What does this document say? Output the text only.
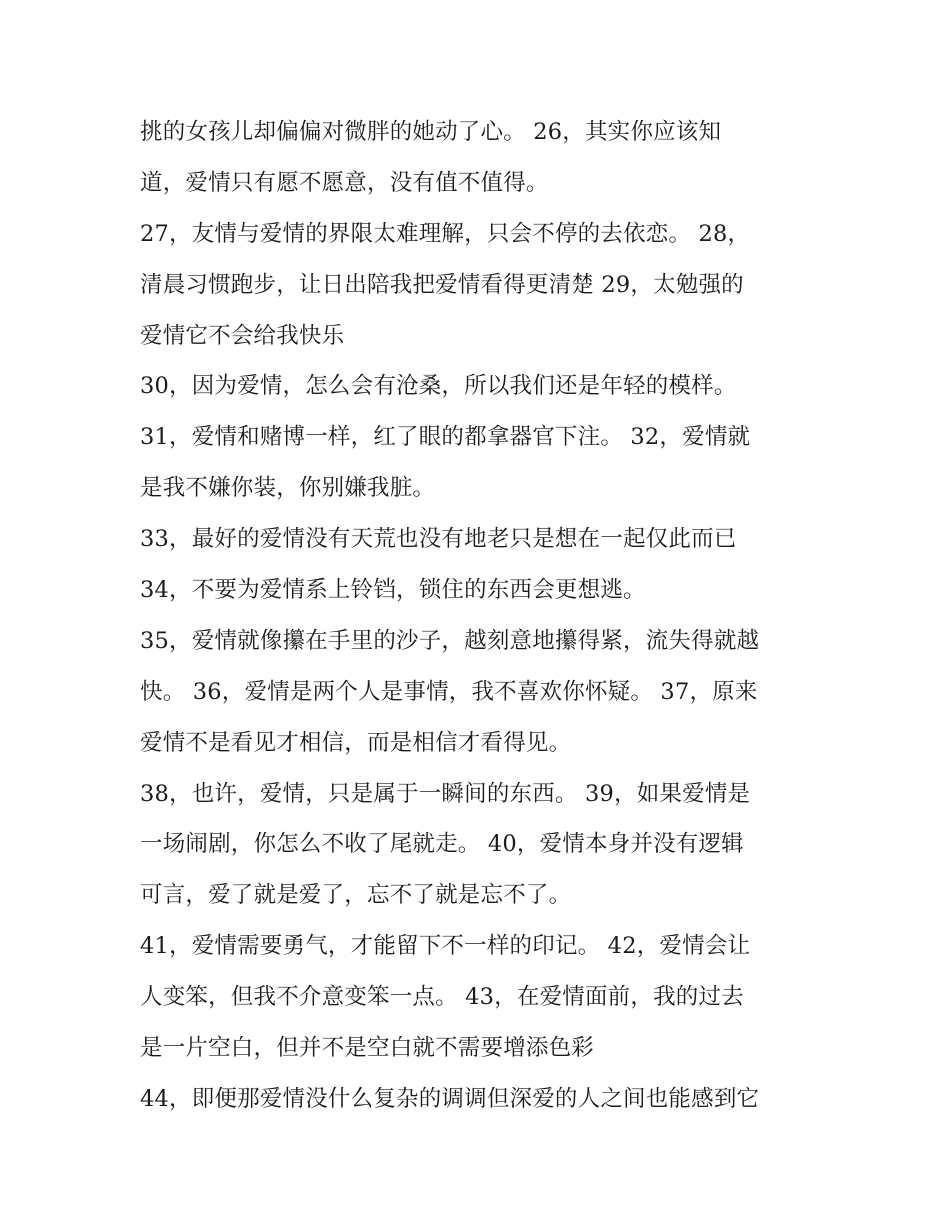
挑的女孩儿却偏偏对微胖的她动了心。 26，其实你应该知
道，爱情只有愿不愿意，没有值不值得。
27，友情与爱情的界限太难理解，只会不停的去依恋。 28，
清晨习惯跑步，让日出陪我把爱情看得更清楚 29，太勉强的
爱情它不会给我快乐
30，因为爱情，怎么会有沧桑，所以我们还是年轻的模样。
31，爱情和赌博一样，红了眼的都拿器官下注。 32，爱情就
是我不嫌你装，你别嫌我脏。
33，最好的爱情没有天荒也没有地老只是想在一起仅此而已
34，不要为爱情系上铃铛，锁住的东西会更想逃。
35，爱情就像攥在手里的沙子，越刻意地攥得紧，流失得就越
快。 36，爱情是两个人是事情，我不喜欢你怀疑。 37，原来
爱情不是看见才相信，而是相信才看得见。
38，也许，爱情，只是属于一瞬间的东西。 39，如果爱情是
一场闹剧，你怎么不收了尾就走。 40，爱情本身并没有逻辑
可言，爱了就是爱了，忘不了就是忘不了。
41，爱情需要勇气，才能留下不一样的印记。 42，爱情会让
人变笨，但我不介意变笨一点。 43，在爱情面前，我的过去
是一片空白，但并不是空白就不需要增添色彩
44，即便那爱情没什么复杂的调调但深爱的人之间也能感到它
